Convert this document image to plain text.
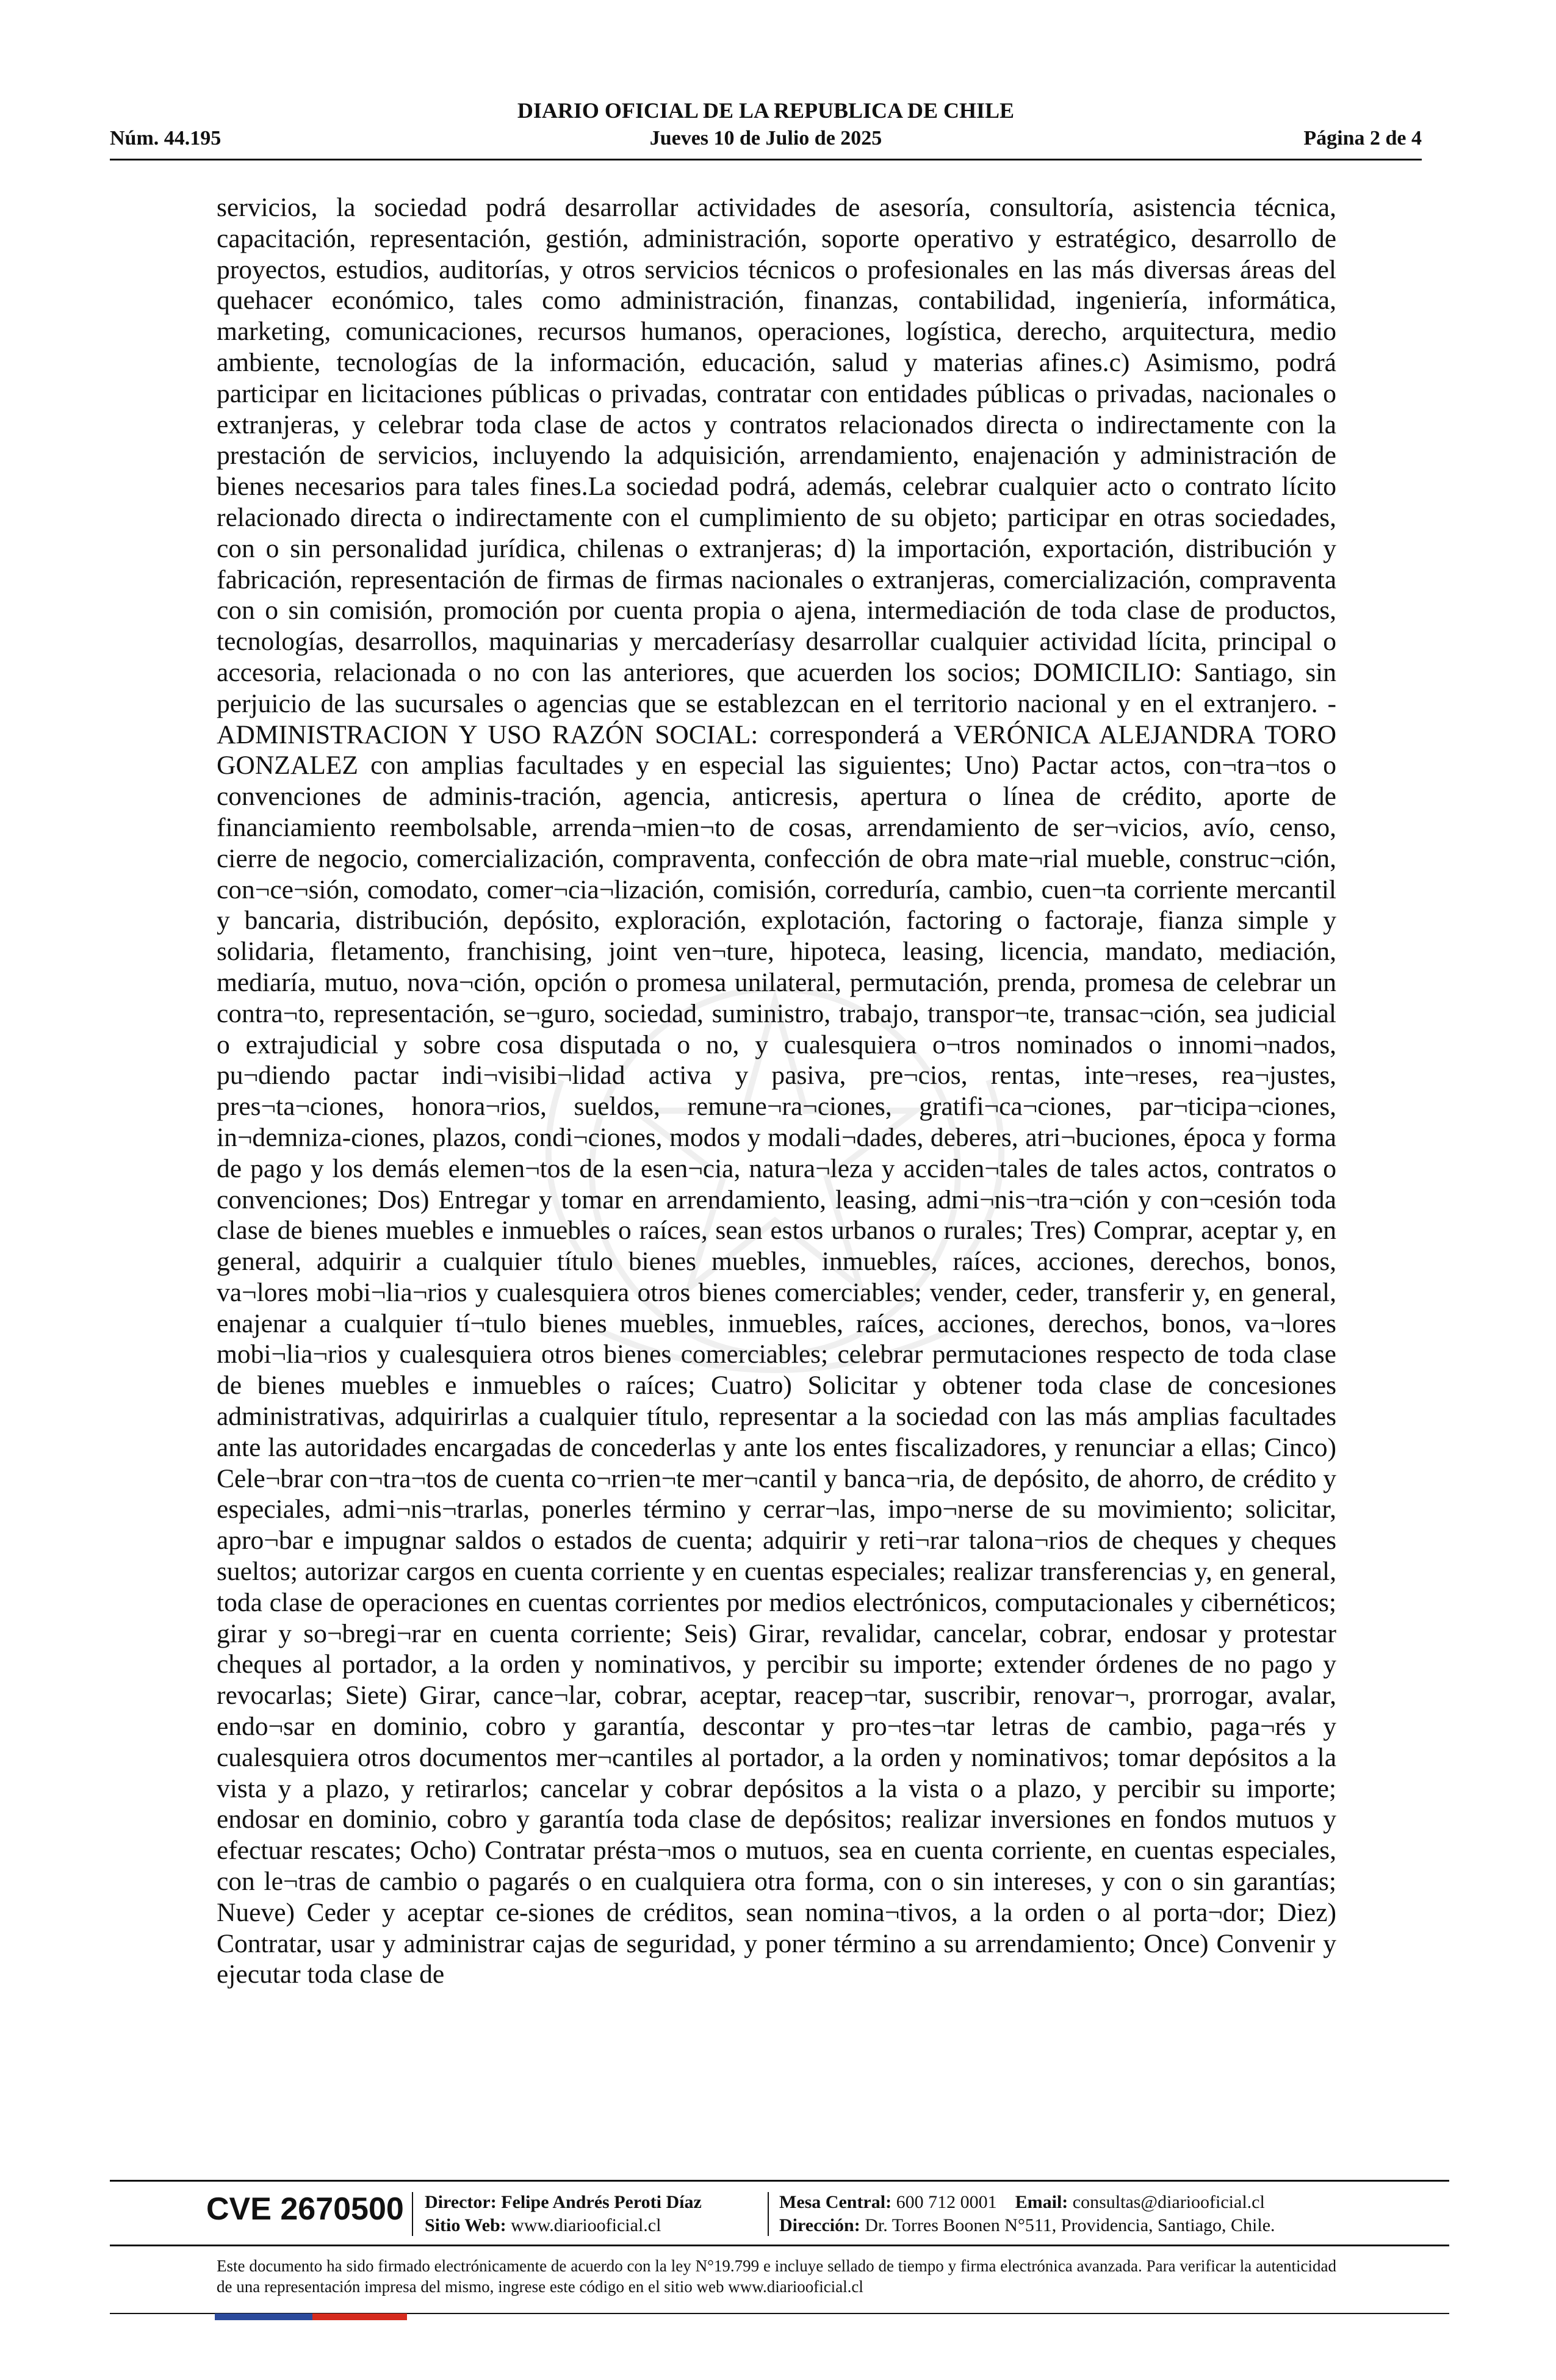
DIARIO OFICIAL DE LA REPUBLICA DE CHILE
Núm. 44.195	Jueves 10 de Julio de 2025	Página 2 de 4
servicios, la sociedad podrá desarrollar actividades de asesoría, consultoría, asistencia técnica, capacitación, representación, gestión, administración, soporte operativo y estratégico, desarrollo de proyectos, estudios, auditorías, y otros servicios técnicos o profesionales en las más diversas áreas del quehacer económico, tales como administración, finanzas, contabilidad, ingeniería, informática, marketing, comunicaciones, recursos humanos, operaciones, logística, derecho, arquitectura, medio ambiente, tecnologías de la información, educación, salud y materias afines.c) Asimismo, podrá participar en licitaciones públicas o privadas, contratar con entidades públicas o privadas, nacionales o extranjeras, y celebrar toda clase de actos y contratos relacionados directa o indirectamente con la prestación de servicios, incluyendo la adquisición, arrendamiento, enajenación y administración de bienes necesarios para tales fines.La sociedad podrá, además, celebrar cualquier acto o contrato lícito relacionado directa o indirectamente con el cumplimiento de su objeto; participar en otras sociedades, con o sin personalidad jurídica, chilenas o extranjeras; d) la importación, exportación, distribución y fabricación, representación de firmas de firmas nacionales o extranjeras, comercialización, compraventa con o sin comisión, promoción por cuenta propia o ajena, intermediación de toda clase de productos, tecnologías, desarrollos, maquinarias y mercaderíasy desarrollar cualquier actividad lícita, principal o accesoria, relacionada o no con las anteriores, que acuerden los socios; DOMICILIO: Santiago, sin perjuicio de las sucursales o agencias que se establezcan en el territorio nacional y en el extranjero. - ADMINISTRACION Y USO RAZÓN SOCIAL: corresponderá a VERÓNICA ALEJANDRA TORO GONZALEZ con amplias facultades y en especial las siguientes; Uno) Pactar actos, con¬tra¬tos o convenciones de adminis-tración, agencia, anticresis, apertura o línea de crédito, aporte de financiamiento reembolsable, arrenda¬mien¬to de cosas, arrendamiento de ser¬vicios, avío, censo, cierre de negocio, comercialización, compraventa, confección de obra mate¬rial mueble, construc¬ción, con¬ce¬sión, comodato, comer¬cia¬lización, comisión, correduría, cambio, cuen¬ta corriente mercantil y bancaria, distribución, depósito, exploración, explotación, factoring o factoraje, fianza simple y solidaria, fletamento, franchising, joint ven¬ture, hipoteca, leasing, licencia, mandato, mediación, mediaría, mutuo, nova¬ción, opción o promesa unilateral, permutación, prenda, promesa de celebrar un contra¬to, representación, se¬guro, sociedad, suministro, trabajo, transpor¬te, transac¬ción, sea judicial o extrajudicial y sobre cosa disputada o no, y cualesquiera o¬tros nominados o innomi¬nados, pu¬diendo pactar indi¬visibi¬lidad activa y pasiva, pre¬cios, rentas, inte¬reses, rea¬justes, pres¬ta¬ciones, honora¬rios, sueldos, remune¬ra¬ciones, gratifi¬ca¬ciones, par¬ticipa¬ciones, in¬demniza-ciones, plazos, condi¬ciones, modos y modali¬dades, deberes, atri¬buciones, época y forma de pago y los demás elemen¬tos de la esen¬cia, natura¬leza y acciden¬tales de tales actos, contratos o convenciones; Dos) Entregar y tomar en arrendamiento, leasing, admi¬nis¬tra¬ción y con¬cesión toda clase de bienes muebles e inmuebles o raíces, sean estos urbanos o rurales; Tres) Comprar, aceptar y, en general, adquirir a cualquier título bienes muebles, inmuebles, raíces, acciones, derechos, bonos, va¬lores mobi¬lia¬rios y cualesquiera otros bienes comerciables; vender, ceder, transferir y, en general, enajenar a cualquier tí¬tulo bienes muebles, inmuebles, raíces, acciones, derechos, bonos, va¬lores mobi¬lia¬rios y cualesquiera otros bienes comerciables; celebrar permutaciones respecto de toda clase de bienes muebles e inmuebles o raíces; Cuatro) Solicitar y obtener toda clase de concesiones administrativas, adquirirlas a cualquier título, representar a la sociedad con las más amplias facultades ante las autoridades encargadas de concederlas y ante los entes fiscalizadores, y renunciar a ellas; Cinco) Cele¬brar con¬tra¬tos de cuenta co¬rrien¬te mer¬cantil y banca¬ria, de depósito, de ahorro, de crédito y especiales, admi¬nis¬trarlas, ponerles término y cerrar¬las, impo¬nerse de su movimiento; solicitar, apro¬bar e impugnar saldos o estados de cuenta; adquirir y reti¬rar talona¬rios de cheques y cheques sueltos; autorizar cargos en cuenta corriente y en cuentas especiales; realizar transferencias y, en general, toda clase de operaciones en cuentas corrientes por medios electrónicos, computacionales y cibernéticos; girar y so¬bregi¬rar en cuenta corriente; Seis) Girar, revalidar, cancelar, cobrar, endosar y protestar cheques al portador, a la orden y nominativos, y percibir su importe; extender órdenes de no pago y revocarlas; Siete) Girar, cance¬lar, cobrar, aceptar, reacep¬tar, suscribir, renovar¬, prorrogar, avalar, endo¬sar en dominio, cobro y garantía, descontar y pro¬tes¬tar letras de cambio, paga¬rés y cualesquiera otros documentos mer¬cantiles al portador, a la orden y nominativos; tomar depósitos a la vista y a plazo, y retirarlos; cancelar y cobrar depósitos a la vista o a plazo, y percibir su importe; endosar en dominio, cobro y garantía toda clase de depósitos; realizar inversiones en fondos mutuos y efectuar rescates; Ocho) Contratar présta¬mos o mutuos, sea en cuenta corriente, en cuentas especiales, con le¬tras de cambio o pagarés o en cualquiera otra forma, con o sin intereses, y con o sin garantías; Nueve) Ceder y aceptar ce-siones de créditos, sean nomina¬tivos, a la orden o al porta¬dor; Diez) Contratar, usar y administrar cajas de seguridad, y poner término a su arrendamiento; Once) Convenir y ejecutar toda clase de
CVE 2670500 Director: Felipe Andrés Peroti Díaz
Sitio Web: www.diariooficial.cl
Mesa Central: 600 712 0001 Email: consultas@diariooficial.cl
Dirección: Dr. Torres Boonen N°511, Providencia, Santiago, Chile.
Este documento ha sido firmado electrónicamente de acuerdo con la ley N°19.799 e incluye sellado de tiempo y firma electrónica avanzada. Para verificar la autenticidad de una representación impresa del mismo, ingrese este código en el sitio web www.diariooficial.cl
